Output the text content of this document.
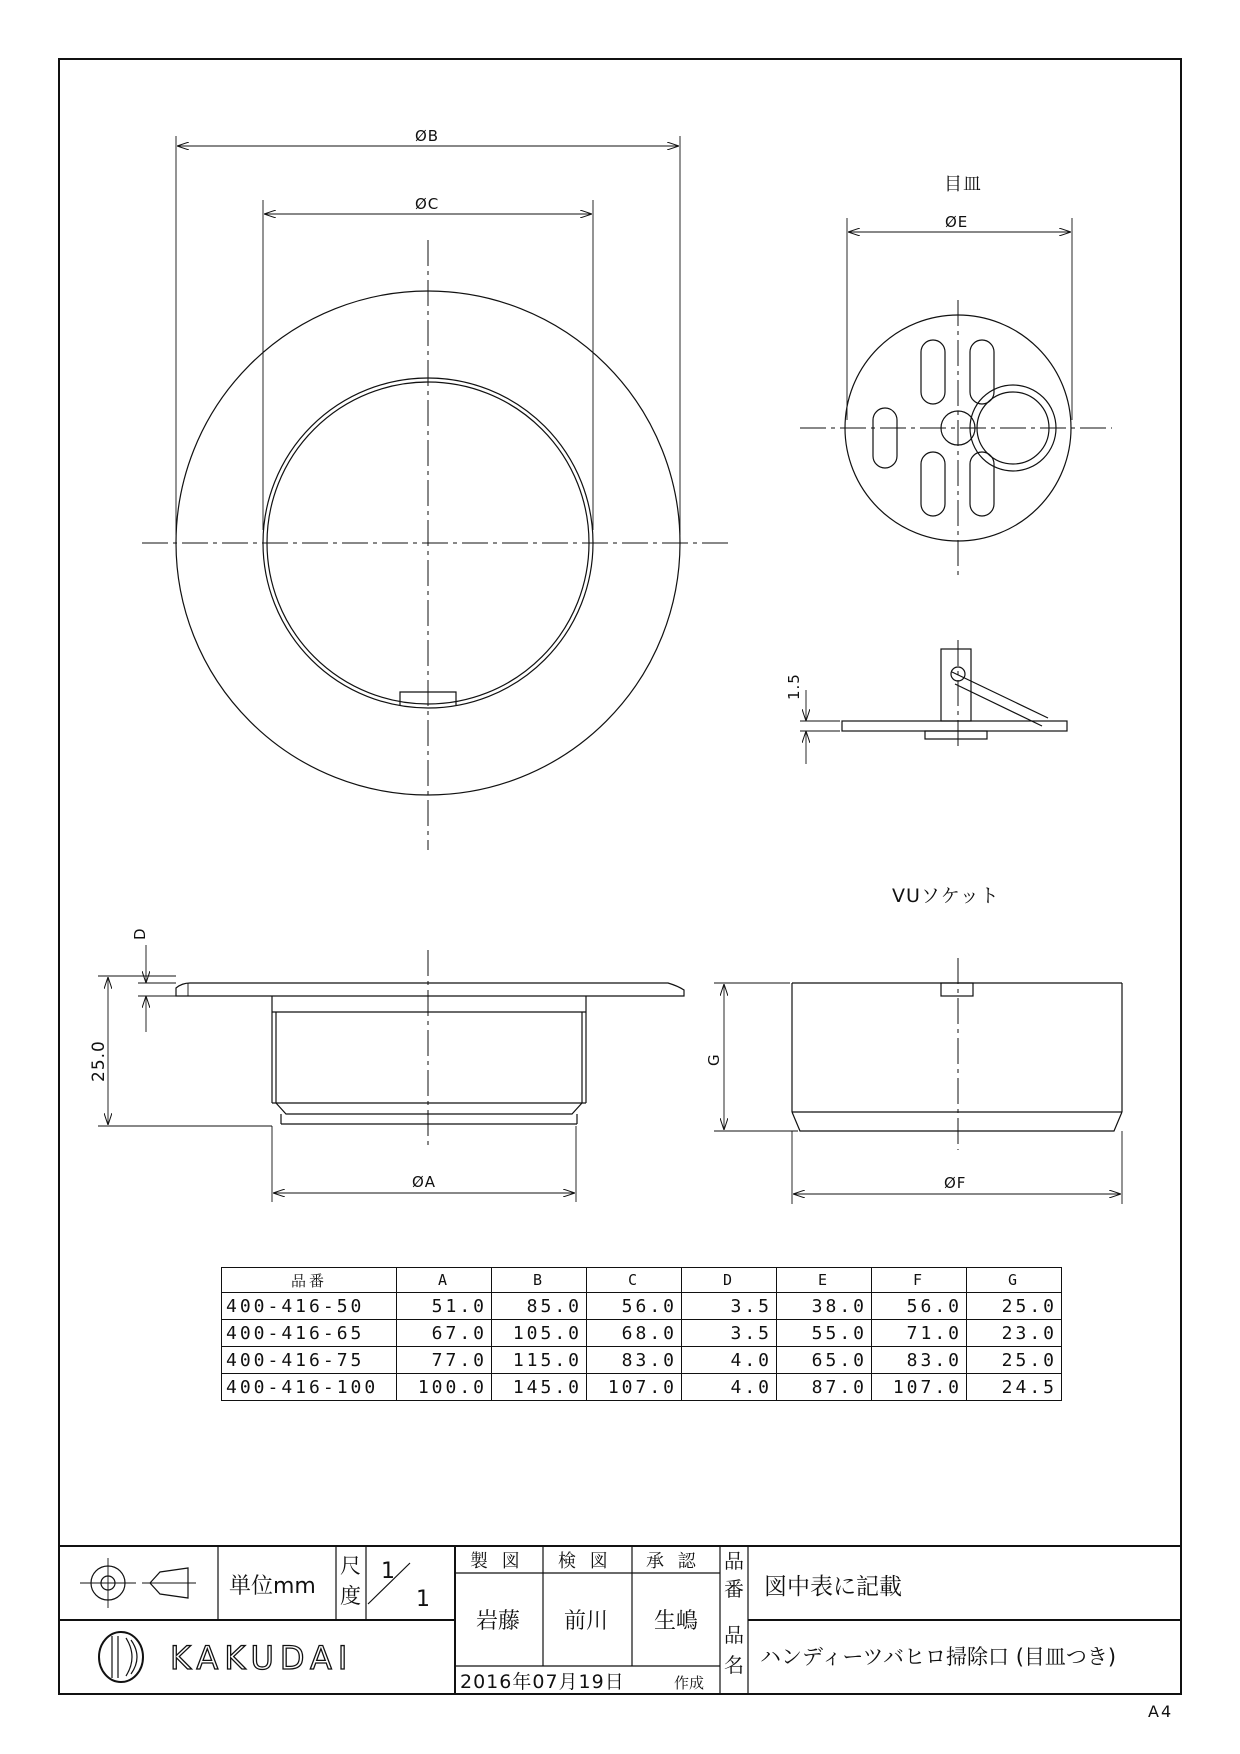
ØB
ØC
目皿
ØE
1.5
D
25.0
ØA
VUソケット
G
ØF
単位mm
尺
度
1
1
製 図 検 図 承 認
岩藤 前川 生嶋
2016年07月19日	作成
品
番 図中表に記載
品
名 ハンディーツバヒロ掃除口 (目皿つき)
KAKUDAI
A4
品番	A	B	C	D	E	F	G
400-416-50	51.0	85.0	56.0	3.5	38.0	56.0	25.0
400-416-65	67.0	105.0	68.0	3.5	55.0	71.0	23.0
400-416-75	77.0	115.0	83.0	4.0	65.0	83.0	25.0
400-416-100	100.0	145.0	107.0	4.0	87.0	107.0	24.5
